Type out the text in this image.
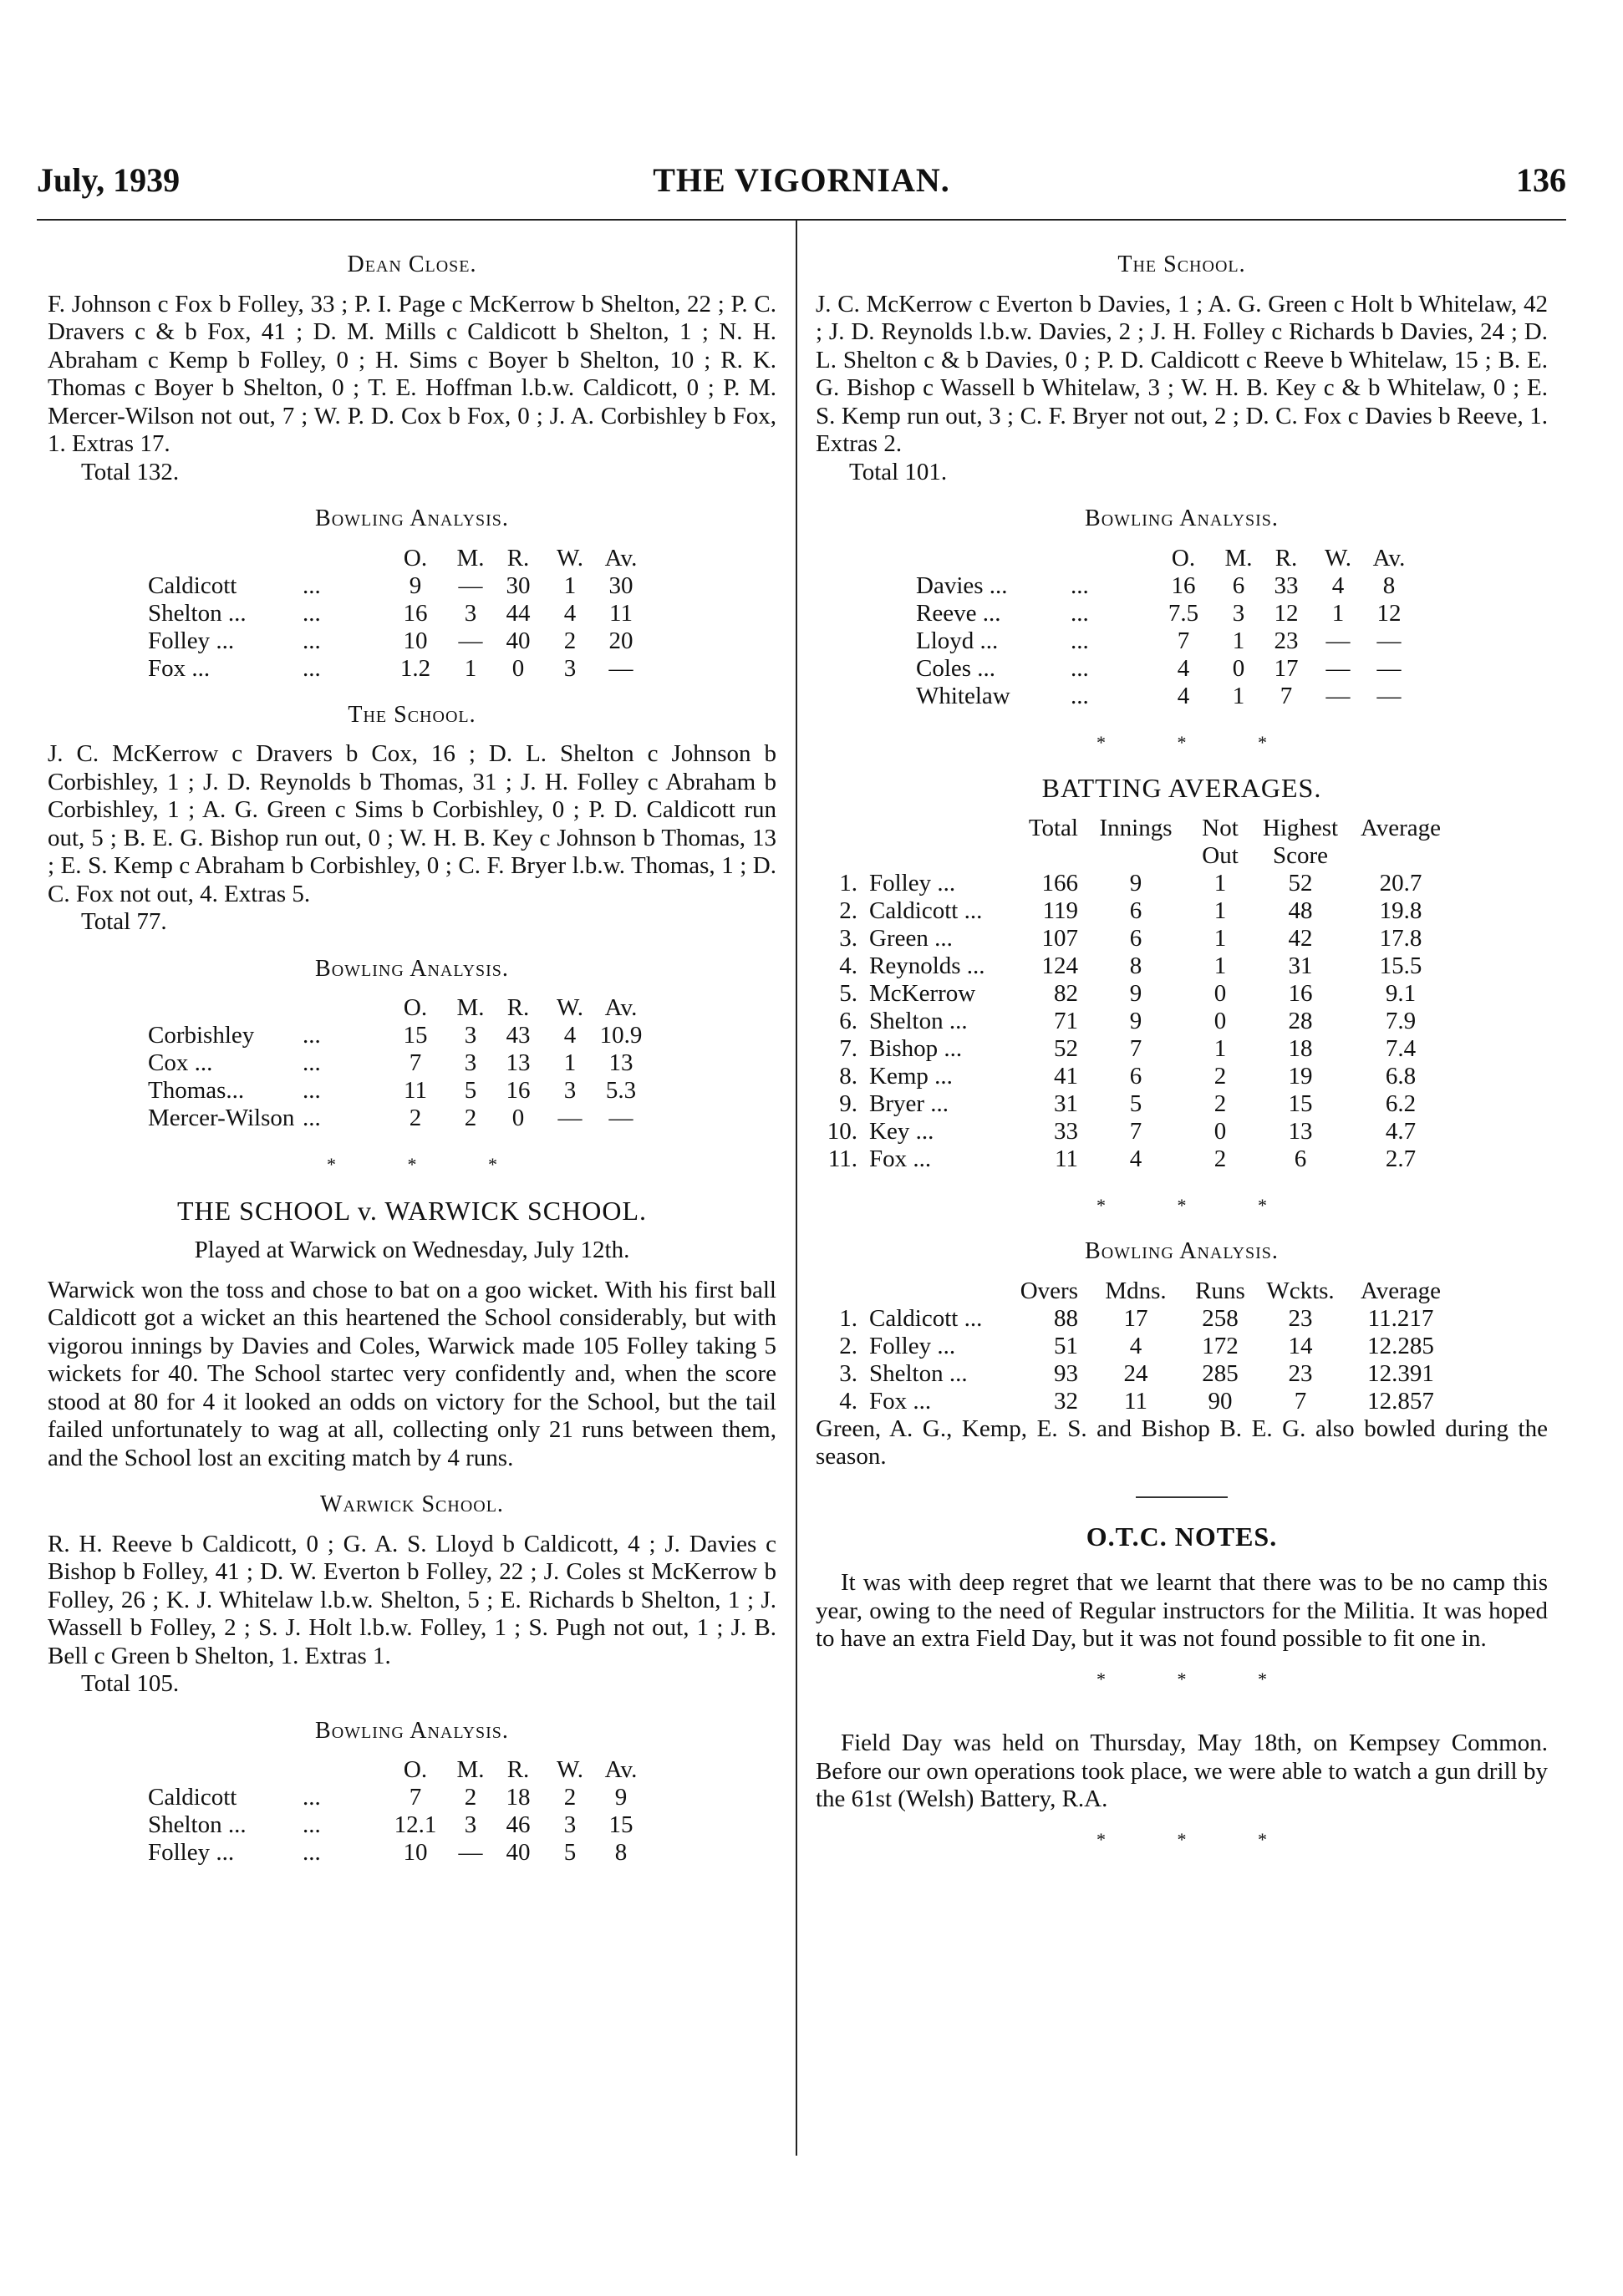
July, 1939	THE VIGORNIAN.	136
Dean Close.

F. Johnson c Fox b Folley, 33 ; P. I. Page c McKerrow b Shelton, 22 ; P. C. Dravers c & b Fox, 41 ; D. M. Mills c Caldicott b Shelton, 1 ; N. H. Abraham c Kemp b Folley, 0 ; H. Sims c Boyer b Shelton, 10 ; R. K. Thomas c Boyer b Shelton, 0 ; T. E. Hoffman l.b.w. Caldicott, 0 ; P. M. Mercer-Wilson not out, 7 ; W. P. D. Cox b Fox, 0 ; J. A. Corbishley b Fox, 1. Extras 17.

Total 132.
Bowling Analysis.
		O.	M.	R.	W.	Av.
Caldicott	...	9	—	30	1	30
Shelton ...	...	16	3	44	4	11
Folley ...	...	10	—	40	2	20
Fox ...	...	1.2	1	0	3	—
The School.

J. C. McKerrow c Dravers b Cox, 16 ; D. L. Shelton c Johnson b Corbishley, 1 ; J. D. Reynolds b Thomas, 31 ; J. H. Folley c Abraham b Corbishley, 1 ; A. G. Green c Sims b Corbishley, 0 ; P. D. Caldicott run out, 5 ; B. E. G. Bishop run out, 0 ; W. H. B. Key c Johnson b Thomas, 13 ; E. S. Kemp c Abraham b Corbishley, 0 ; C. F. Bryer l.b.w. Thomas, 1 ; D. C. Fox not out, 4. Extras 5.

Total 77.
Bowling Analysis.
		O.	M.	R.	W.	Av.
Corbishley	...	15	3	43	4	10.9
Cox ...	...	7	3	13	1	13
Thomas...	...	11	5	16	3	5.3
Mercer-Wilson	...	2	2	0	—	—
* * *
THE SCHOOL v. WARWICK SCHOOL.
Played at Warwick on Wednesday, July 12th.

Warwick won the toss and chose to bat on a goo wicket. With his first ball Caldicott got a wicket an this heartened the School considerably, but with vigorou innings by Davies and Coles, Warwick made 105 Folley taking 5 wickets for 40. The School startec very confidently and, when the score stood at 80 for 4 it looked an odds on victory for the School, but the tail failed unfortunately to wag at all, collecting only 21 runs between them, and the School lost an exciting match by 4 runs.

Warwick School.

R. H. Reeve b Caldicott, 0 ; G. A. S. Lloyd b Caldicott, 4 ; J. Davies c Bishop b Folley, 41 ; D. W. Everton b Folley, 22 ; J. Coles st McKerrow b Folley, 26 ; K. J. Whitelaw l.b.w. Shelton, 5 ; E. Richards b Shelton, 1 ; J. Wassell b Folley, 2 ; S. J. Holt l.b.w. Folley, 1 ; S. Pugh not out, 1 ; J. B. Bell c Green b Shelton, 1. Extras 1.

Total 105.
Bowling Analysis.
		O.	M.	R.	W.	Av.
Caldicott	...	7	2	18	2	9
Shelton ...	...	12.1	3	46	3	15
Folley ...	...	10	—	40	5	8
The School.

J. C. McKerrow c Everton b Davies, 1 ; A. G. Green c Holt b Whitelaw, 42 ; J. D. Reynolds l.b.w. Davies, 2 ; J. H. Folley c Richards b Davies, 24 ; D. L. Shelton c & b Davies, 0 ; P. D. Caldicott c Reeve b Whitelaw, 15 ; B. E. G. Bishop c Wassell b Whitelaw, 3 ; W. H. B. Key c & b Whitelaw, 0 ; E. S. Kemp run out, 3 ; C. F. Bryer not out, 2 ; D. C. Fox c Davies b Reeve, 1. Extras 2.

Total 101.
Bowling Analysis.
		O.	M.	R.	W.	Av.
Davies ...	...	16	6	33	4	8
Reeve ...	...	7.5	3	12	1	12
Lloyd ...	...	7	1	23	—	—
Coles ...	...	4	0	17	—	—
Whitelaw	...	4	1	7	—	—
* * *
BATTING AVERAGES.
		Total	Innings	Not	Highest	Average
				Out	Score	
1.	Folley ...	166	9	1	52	20.7
2.	Caldicott ...	119	6	1	48	19.8
3.	Green ...	107	6	1	42	17.8
4.	Reynolds ...	124	8	1	31	15.5
5.	McKerrow	82	9	0	16	9.1
6.	Shelton ...	71	9	0	28	7.9
7.	Bishop ...	52	7	1	18	7.4
8.	Kemp ...	41	6	2	19	6.8
9.	Bryer ...	31	5	2	15	6.2
10.	Key ...	33	7	0	13	4.7
11.	Fox ...	11	4	2	6	2.7
* * *
Bowling Analysis.
		Overs	Mdns.	Runs	Wckts.	Average
1.	Caldicott ...	88	17	258	23	11.217
2.	Folley ...	51	4	172	14	12.285
3.	Shelton ...	93	24	285	23	12.391
4.	Fox ...	32	11	90	7	12.857

Green, A. G., Kemp, E. S. and Bishop B. E. G. also bowled during the season.

O.T.C. NOTES.

It was with deep regret that we learnt that there was to be no camp this year, owing to the need of Regular instructors for the Militia. It was hoped to have an extra Field Day, but it was not found possible to fit one in.

* * *

Field Day was held on Thursday, May 18th, on Kempsey Common. Before our own operations took place, we were able to watch a gun drill by the 61st (Welsh) Battery, R.A.

* * *
